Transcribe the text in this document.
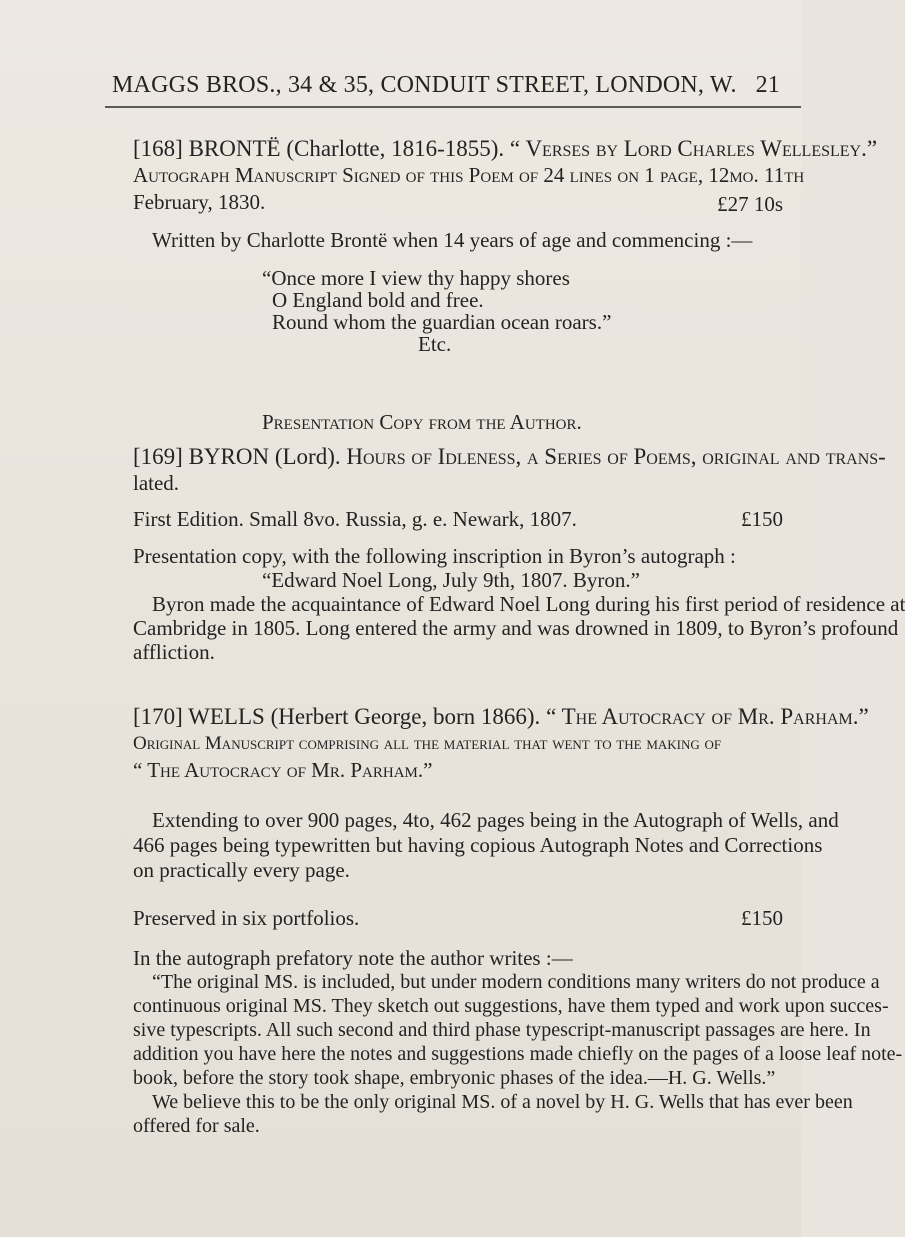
MAGGS BROS., 34 & 35, CONDUIT STREET, LONDON, W. 21
[168] BRONTË (Charlotte, 1816-1855). “ Verses by Lord Charles Wellesley.”
Autograph Manuscript Signed of this Poem of 24 lines on 1 page, 12mo. 11th
February, 1830.	£27 10s
Written by Charlotte Brontë when 14 years of age and commencing :—
“Once more I view thy happy shores
O England bold and free.
Round whom the guardian ocean roars.”
Etc.
Presentation Copy from the Author.
[169] BYRON (Lord). Hours of Idleness, a Series of Poems, original and trans-
lated.
First Edition. Small 8vo. Russia, g. e. Newark, 1807.	£150
Presentation copy, with the following inscription in Byron’s autograph :
“Edward Noel Long, July 9th, 1807. Byron.”
Byron made the acquaintance of Edward Noel Long during his first period of residence at
Cambridge in 1805. Long entered the army and was drowned in 1809, to Byron’s profound
affliction.
[170] WELLS (Herbert George, born 1866). “ The Autocracy of Mr. Parham.”
Original Manuscript comprising all the material that went to the making of
“ The Autocracy of Mr. Parham.”
Extending to over 900 pages, 4to, 462 pages being in the Autograph of Wells, and
466 pages being typewritten but having copious Autograph Notes and Corrections
on practically every page.
Preserved in six portfolios.	£150
In the autograph prefatory note the author writes :—
“The original MS. is included, but under modern conditions many writers do not produce a
continuous original MS. They sketch out suggestions, have them typed and work upon succes-
sive typescripts. All such second and third phase typescript-manuscript passages are here. In
addition you have here the notes and suggestions made chiefly on the pages of a loose leaf note-
book, before the story took shape, embryonic phases of the idea.—H. G. Wells.”
We believe this to be the only original MS. of a novel by H. G. Wells that has ever been
offered for sale.
